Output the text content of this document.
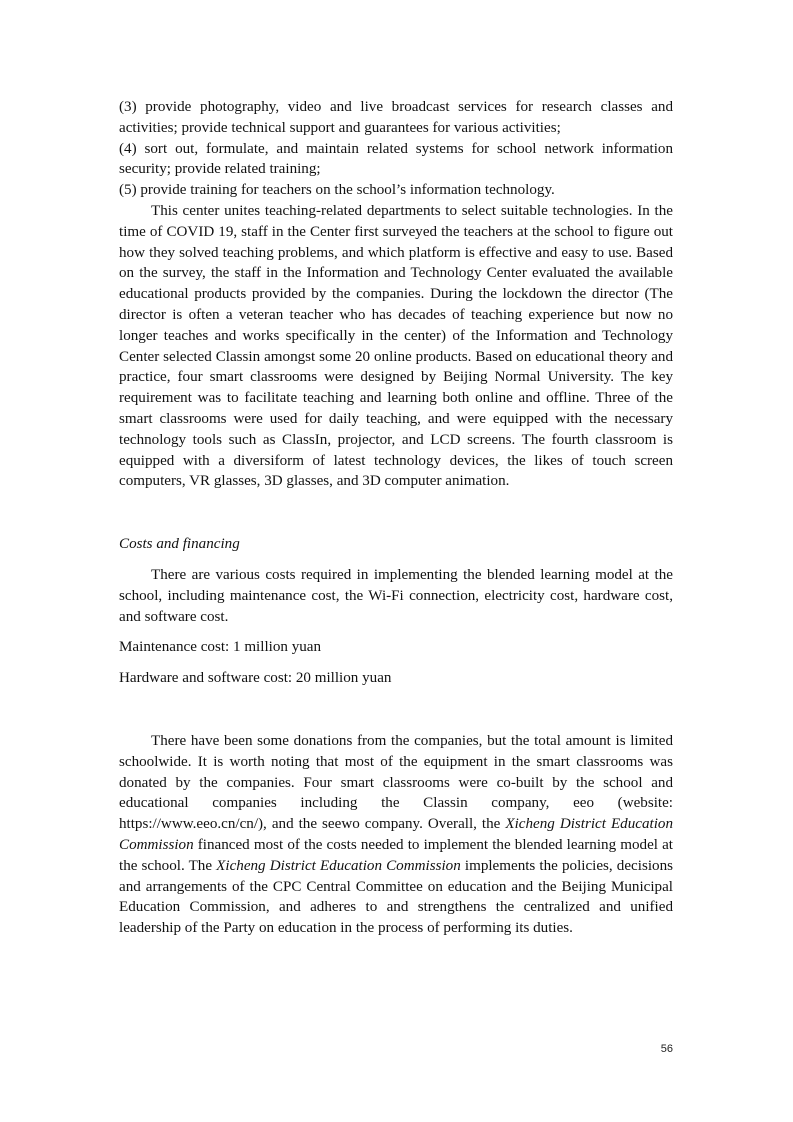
(3) provide photography, video and live broadcast services for research classes and activities; provide technical support and guarantees for various activities;

(4) sort out, formulate, and maintain related systems for school network information security; provide related training;

(5) provide training for teachers on the school’s information technology.

This center unites teaching-related departments to select suitable technologies. In the time of COVID 19, staff in the Center first surveyed the teachers at the school to figure out how they solved teaching problems, and which platform is effective and easy to use. Based on the survey, the staff in the Information and Technology Center evaluated the available educational products provided by the companies. During the lockdown the director (The director is often a veteran teacher who has decades of teaching experience but now no longer teaches and works specifically in the center) of the Information and Technology Center selected Classin amongst some 20 online products. Based on educational theory and practice, four smart classrooms were designed by Beijing Normal University. The key requirement was to facilitate teaching and learning both online and offline. Three of the smart classrooms were used for daily teaching, and were equipped with the necessary technology tools such as ClassIn, projector, and LCD screens. The fourth classroom is equipped with a diversiform of latest technology devices, the likes of touch screen computers, VR glasses, 3D glasses, and 3D computer animation.

Costs and financing

There are various costs required in implementing the blended learning model at the school, including maintenance cost, the Wi-Fi connection, electricity cost, hardware cost, and software cost.

Maintenance cost: 1 million yuan

Hardware and software cost: 20 million yuan

There have been some donations from the companies, but the total amount is limited schoolwide. It is worth noting that most of the equipment in the smart classrooms was donated by the companies. Four smart classrooms were co-built by the school and educational companies including the Classin company, eeo (website: https://www.eeo.cn/cn/), and the seewo company. Overall, the Xicheng District Education Commission financed most of the costs needed to implement the blended learning model at the school. The Xicheng District Education Commission implements the policies, decisions and arrangements of the CPC Central Committee on education and the Beijing Municipal Education Commission, and adheres to and strengthens the centralized and unified leadership of the Party on education in the process of performing its duties.

56
